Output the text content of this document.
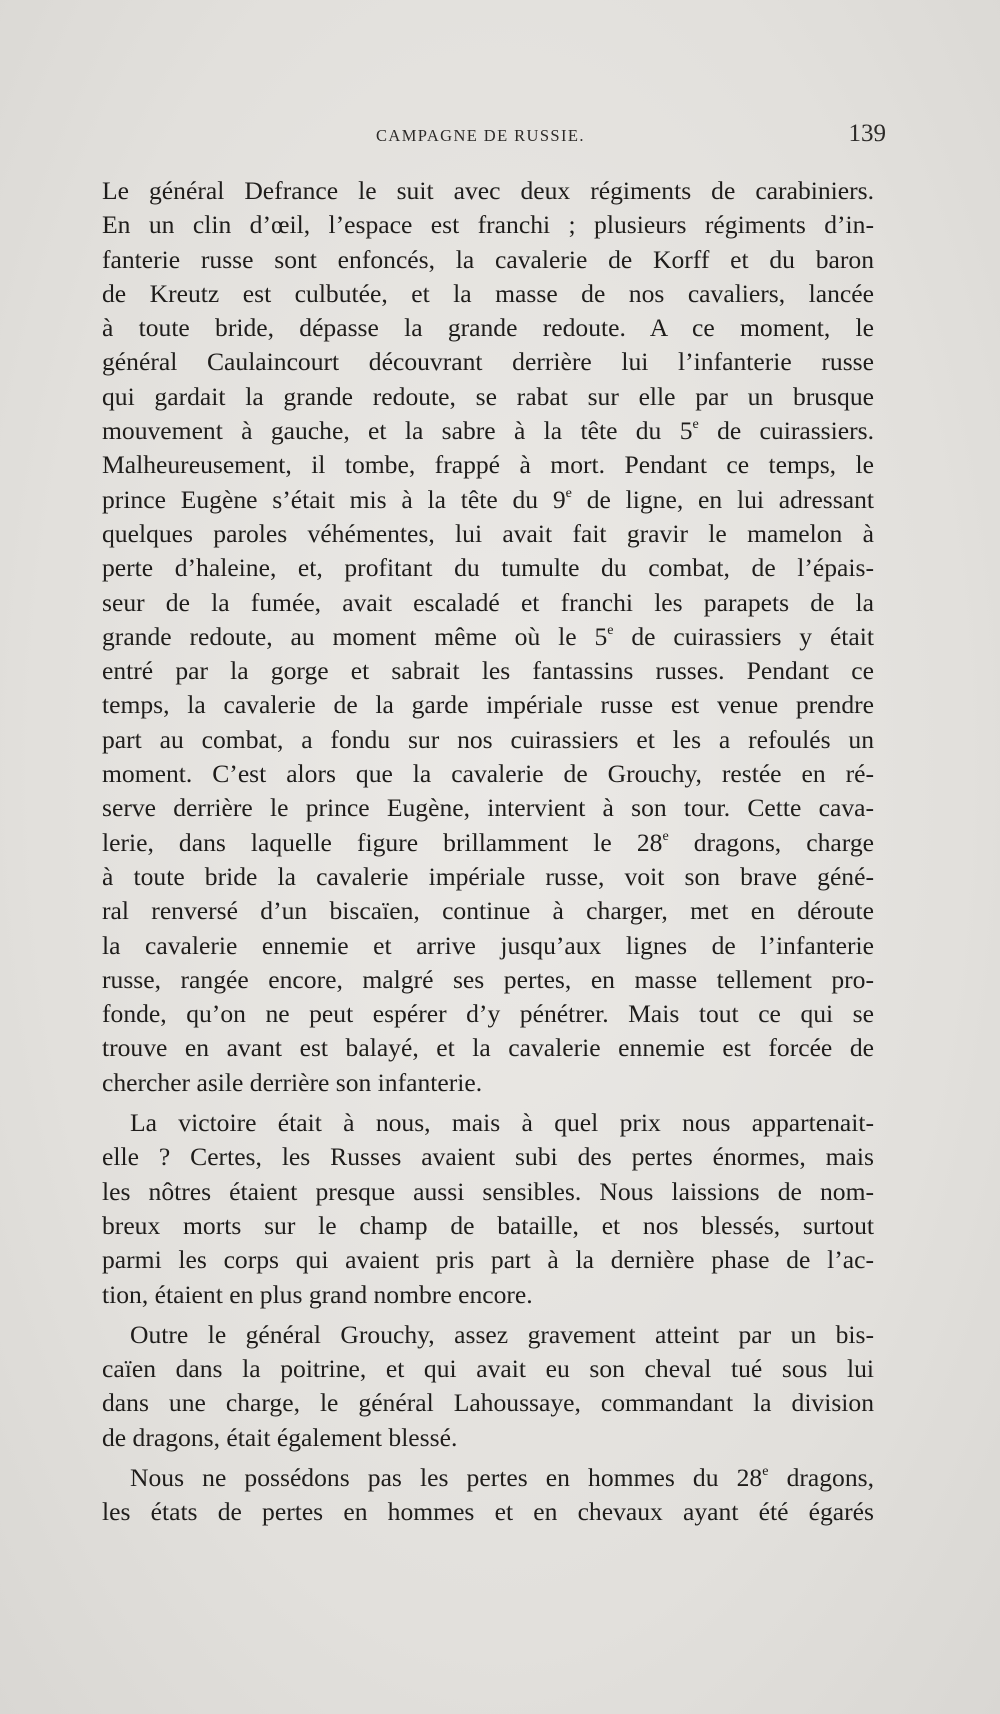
CAMPAGNE DE RUSSIE.	139
Le général Defrance le suit avec deux régiments de carabiniers.
En un clin d’œil, l’espace est franchi ; plusieurs régiments d’in-
fanterie russe sont enfoncés, la cavalerie de Korff et du baron
de Kreutz est culbutée, et la masse de nos cavaliers, lancée
à toute bride, dépasse la grande redoute. A ce moment, le
général Caulaincourt découvrant derrière lui l’infanterie russe
qui gardait la grande redoute, se rabat sur elle par un brusque
mouvement à gauche, et la sabre à la tête du 5e de cuirassiers.
Malheureusement, il tombe, frappé à mort. Pendant ce temps, le
prince Eugène s’était mis à la tête du 9e de ligne, en lui adressant
quelques paroles véhémentes, lui avait fait gravir le mamelon à
perte d’haleine, et, profitant du tumulte du combat, de l’épais-
seur de la fumée, avait escaladé et franchi les parapets de la
grande redoute, au moment même où le 5e de cuirassiers y était
entré par la gorge et sabrait les fantassins russes. Pendant ce
temps, la cavalerie de la garde impériale russe est venue prendre
part au combat, a fondu sur nos cuirassiers et les a refoulés un
moment. C’est alors que la cavalerie de Grouchy, restée en ré-
serve derrière le prince Eugène, intervient à son tour. Cette cava-
lerie, dans laquelle figure brillamment le 28e dragons, charge
à toute bride la cavalerie impériale russe, voit son brave géné-
ral renversé d’un biscaïen, continue à charger, met en déroute
la cavalerie ennemie et arrive jusqu’aux lignes de l’infanterie
russe, rangée encore, malgré ses pertes, en masse tellement pro-
fonde, qu’on ne peut espérer d’y pénétrer. Mais tout ce qui se
trouve en avant est balayé, et la cavalerie ennemie est forcée de
chercher asile derrière son infanterie.
La victoire était à nous, mais à quel prix nous appartenait-
elle ? Certes, les Russes avaient subi des pertes énormes, mais
les nôtres étaient presque aussi sensibles. Nous laissions de nom-
breux morts sur le champ de bataille, et nos blessés, surtout
parmi les corps qui avaient pris part à la dernière phase de l’ac-
tion, étaient en plus grand nombre encore.
Outre le général Grouchy, assez gravement atteint par un bis-
caïen dans la poitrine, et qui avait eu son cheval tué sous lui
dans une charge, le général Lahoussaye, commandant la division
de dragons, était également blessé.
Nous ne possédons pas les pertes en hommes du 28e dragons,
les états de pertes en hommes et en chevaux ayant été égarés
